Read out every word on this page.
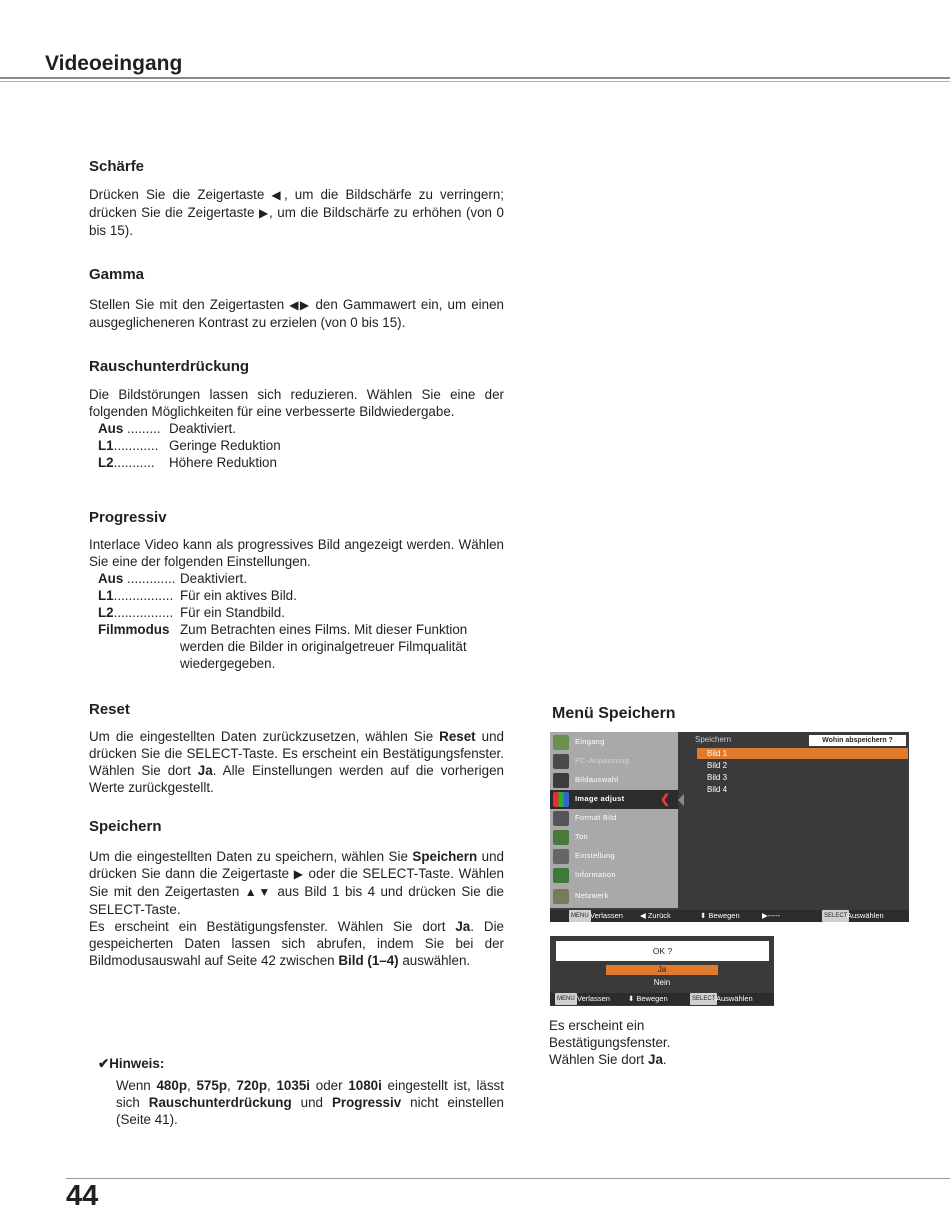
Videoeingang
Schärfe
Drücken Sie die Zeigertaste ◀, um die Bildschärfe zu verringern; drücken Sie die Zeigertaste ▶, um die Bildschärfe zu erhöhen (von 0 bis 15).
Gamma
Stellen Sie mit den Zeigertasten ◀▶ den Gammawert ein, um einen ausgeglicheneren Kontrast zu erzielen (von 0 bis 15).
Rauschunterdrückung
Die Bildstörungen lassen sich reduzieren. Wählen Sie eine der folgenden Möglichkeiten für eine verbesserte Bildwiedergabe.
Aus ......... Deaktiviert.
L1............ Geringe Reduktion
L2........... Höhere Reduktion
Progressiv
Interlace Video kann als progressives Bild angezeigt werden. Wählen Sie eine der folgenden Einstellungen.
Aus ............. Deaktiviert.
L1................ Für ein aktives Bild.
L2................ Für ein Standbild.
Filmmodus Zum Betrachten eines Films. Mit dieser Funktion
werden die Bilder in originalgetreuer Filmqualität
wiedergegeben.
Reset
Um die eingestellten Daten zurückzusetzen, wählen Sie Reset und drücken Sie die SELECT-Taste. Es erscheint ein Bestätigungsfenster. Wählen Sie dort Ja. Alle Einstellungen werden auf die vorherigen Werte zurückgestellt.
Speichern
Um die eingestellten Daten zu speichern, wählen Sie Speichern und drücken Sie dann die Zeigertaste ▶ oder die SELECT-Taste. Wählen Sie mit den Zeigertasten ▲▼ aus Bild 1 bis 4 und drücken Sie die SELECT-Taste.
Es erscheint ein Bestätigungsfenster. Wählen Sie dort Ja. Die gespeicherten Daten lassen sich abrufen, indem Sie bei der Bildmodusauswahl auf Seite 42 zwischen Bild (1–4) auswählen.
Menü Speichern
Eingang
PC-Anpassung
Bildauswahl
Image adjust	❮
Format Bild
Ton
Einstellung
Information
Netzwerk
Speichern	Wohin abspeichern ?
Bild 1
Bild 2
Bild 3
Bild 4
MENU Verlassen ◀ Zurück	⬍ Bewegen	▶-----	SELECT Auswählen
OK ?
Ja
Nein
MENU Verlassen ⬍ Bewegen	SELECT Auswählen
Es erscheint ein
Bestätigungsfenster.
Wählen Sie dort Ja.
✔Hinweis:
Wenn 480p, 575p, 720p, 1035i oder 1080i eingestellt ist, lässt sich Rauschunterdrückung und Progressiv nicht einstellen (Seite 41).
44
